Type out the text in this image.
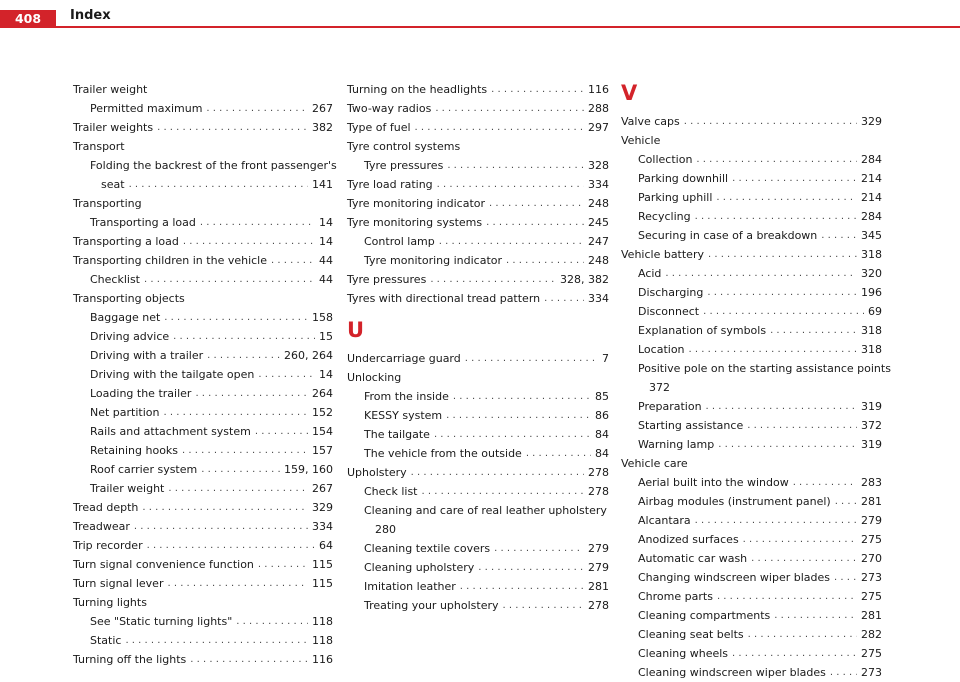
408	Index
Trailer weight
Permitted maximum . . .	267
Trailer weights . . .	382
Transport
Folding the backrest of the front passenger's
seat . . .	141
Transporting
Transporting a load . . .	14
Transporting a load . . .	14
Transporting children in the vehicle . . .	44
Checklist . . .	44
Transporting objects
Baggage net . . .	158
Driving advice . . .	15
Driving with a trailer . . .	260, 264
Driving with the tailgate open . . .	14
Loading the trailer . . .	264
Net partition . . .	152
Rails and attachment system . . .	154
Retaining hooks . . .	157
Roof carrier system . . .	159, 160
Trailer weight . . .	267
Tread depth . . .	329
Treadwear . . .	334
Trip recorder . . .	64
Turn signal convenience function . . .	115
Turn signal lever . . .	115
Turning lights
See "Static turning lights" . . .	118
Static . . .	118
Turning off the lights . . .	116
Turning on the headlights . . .	116
Two-way radios . . .	288
Type of fuel . . .	297
Tyre control systems
Tyre pressures . . .	328
Tyre load rating . . .	334
Tyre monitoring indicator . . .	248
Tyre monitoring systems . . .	245
Control lamp . . .	247
Tyre monitoring indicator . . .	248
Tyre pressures . . .	328, 382
Tyres with directional tread pattern . . .	334
U
Undercarriage guard . . .	7
Unlocking
From the inside . . .	85
KESSY system . . .	86
The tailgate . . .	84
The vehicle from the outside . . .	84
Upholstery . . .	278
Check list . . .	278
Cleaning and care of real leather upholstery
280
Cleaning textile covers . . .	279
Cleaning upholstery . . .	279
Imitation leather . . .	281
Treating your upholstery . . .	278
V
Valve caps . . .	329
Vehicle
Collection . . .	284
Parking downhill . . .	214
Parking uphill . . .	214
Recycling . . .	284
Securing in case of a breakdown . . .	345
Vehicle battery . . .	318
Acid . . .	320
Discharging . . .	196
Disconnect . . .	69
Explanation of symbols . . .	318
Location . . .	318
Positive pole on the starting assistance points
372
Preparation . . .	319
Starting assistance . . .	372
Warning lamp . . .	319
Vehicle care
Aerial built into the window . . .	283
Airbag modules (instrument panel) . . .	281
Alcantara . . .	279
Anodized surfaces . . .	275
Automatic car wash . . .	270
Changing windscreen wiper blades . . .	273
Chrome parts . . .	275
Cleaning compartments . . .	281
Cleaning seat belts . . .	282
Cleaning wheels . . .	275
Cleaning windscreen wiper blades . . .	273
